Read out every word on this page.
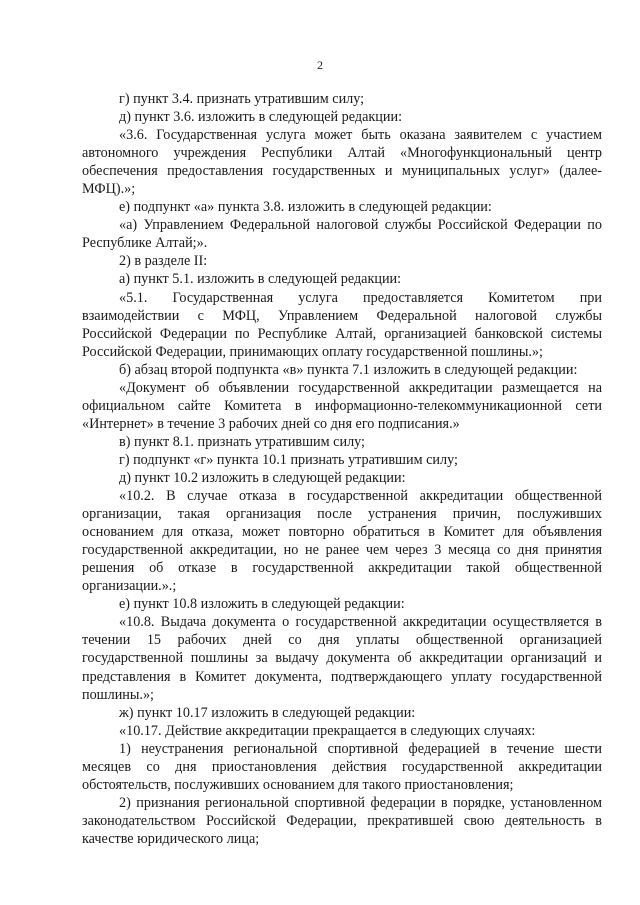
2
г) пункт 3.4. признать утратившим силу;
д) пункт 3.6. изложить в следующей редакции:
«3.6. Государственная услуга может быть оказана заявителем с участием
автономного учреждения Республики Алтай «Многофункциональный центр
обеспечения предоставления государственных и муниципальных услуг» (далее-
МФЦ).»;
е) подпункт «а» пункта 3.8. изложить в следующей редакции:
«а) Управлением Федеральной налоговой службы Российской Федерации по
Республике Алтай;».
2) в разделе II:
а) пункт 5.1. изложить в следующей редакции:
«5.1. Государственная услуга предоставляется Комитетом при
взаимодействии с МФЦ, Управлением Федеральной налоговой службы
Российской Федерации по Республике Алтай, организацией банковской системы
Российской Федерации, принимающих оплату государственной пошлины.»;
б) абзац второй подпункта «в» пункта 7.1 изложить в следующей редакции:
«Документ об объявлении государственной аккредитации размещается на
официальном сайте Комитета в информационно-телекоммуникационной сети
«Интернет» в течение 3 рабочих дней со дня его подписания.»
в) пункт 8.1. признать утратившим силу;
г) подпункт «г» пункта 10.1 признать утратившим силу;
д) пункт 10.2 изложить в следующей редакции:
«10.2. В случае отказа в государственной аккредитации общественной
организации, такая организация после устранения причин, послуживших
основанием для отказа, может повторно обратиться в Комитет для объявления
государственной аккредитации, но не ранее чем через 3 месяца со дня принятия
решения об отказе в государственной аккредитации такой общественной
организации.».;
е) пункт 10.8 изложить в следующей редакции:
«10.8. Выдача документа о государственной аккредитации осуществляется в
течении 15 рабочих дней со дня уплаты общественной организацией
государственной пошлины за выдачу документа об аккредитации организаций и
представления в Комитет документа, подтверждающего уплату государственной
пошлины.»;
ж) пункт 10.17 изложить в следующей редакции:
«10.17. Действие аккредитации прекращается в следующих случаях:
1) неустранения региональной спортивной федерацией в течение шести
месяцев со дня приостановления действия государственной аккредитации
обстоятельств, послуживших основанием для такого приостановления;
2) признания региональной спортивной федерации в порядке, установленном
законодательством Российской Федерации, прекратившей свою деятельность в
качестве юридического лица;
